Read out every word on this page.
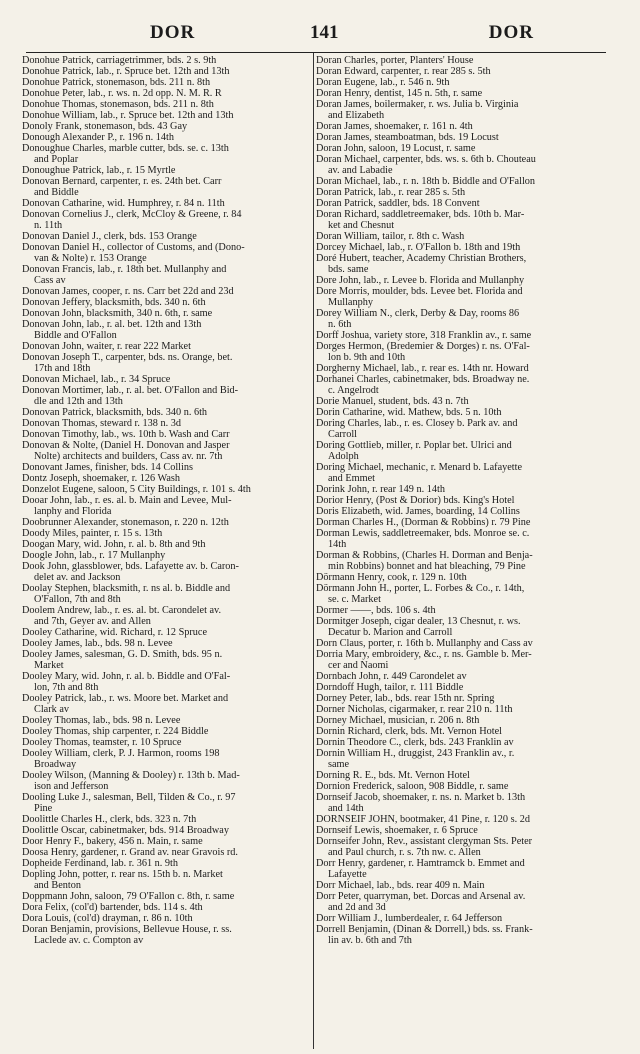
DOR	141	DOR
Donohue Patrick, carriagetrimmer, bds. 2 s. 9th
Donohue Patrick, lab., r. Spruce bet. 12th and 13th
Donohue Patrick, stonemason, bds. 211 n. 8th
Donohue Peter, lab., r. ws. n. 2d opp. N. M. R. R
Donohue Thomas, stonemason, bds. 211 n. 8th
Donohue William, lab., r. Spruce bet. 12th and 13th
Donoly Frank, stonemason, bds. 43 Gay
Donough Alexander P., r. 196 n. 14th
Donoughue Charles, marble cutter, bds. se. c. 13th
and Poplar
Donoughue Patrick, lab., r. 15 Myrtle
Donovan Bernard, carpenter, r. es. 24th bet. Carr
and Biddle
Donovan Catharine, wid. Humphrey, r. 84 n. 11th
Donovan Cornelius J., clerk, McCloy & Greene, r. 84
n. 11th
Donovan Daniel J., clerk, bds. 153 Orange
Donovan Daniel H., collector of Customs, and (Dono-
van & Nolte) r. 153 Orange
Donovan Francis, lab., r. 18th bet. Mullanphy and
Cass av
Donovan James, cooper, r. ns. Carr bet 22d and 23d
Donovan Jeffery, blacksmith, bds. 340 n. 6th
Donovan John, blacksmith, 340 n. 6th, r. same
Donovan John, lab., r. al. bet. 12th and 13th
Biddle and O'Fallon
Donovan John, waiter, r. rear 222 Market
Donovan Joseph T., carpenter, bds. ns. Orange, bet.
17th and 18th
Donovan Michael, lab., r. 34 Spruce
Donovan Mortimer, lab., r. al. bet. O'Fallon and Bid-
dle and 12th and 13th
Donovan Patrick, blacksmith, bds. 340 n. 6th
Donovan Thomas, steward r. 138 n. 3d
Donovan Timothy, lab., ws. 10th b. Wash and Carr
Donovan & Nolte, (Daniel H. Donovan and Jasper
Nolte) architects and builders, Cass av. nr. 7th
Donovant James, finisher, bds. 14 Collins
Dontz Joseph, shoemaker, r. 126 Wash
Donzelot Eugene, saloon, 5 City Buildings, r. 101 s. 4th
Dooar John, lab., r. es. al. b. Main and Levee, Mul-
lanphy and Florida
Doobrunner Alexander, stonemason, r. 220 n. 12th
Doody Miles, painter, r. 15 s. 13th
Doogan Mary, wid. John, r. al. b. 8th and 9th
Doogle John, lab., r. 17 Mullanphy
Dook John, glassblower, bds. Lafayette av. b. Caron-
delet av. and Jackson
Doolay Stephen, blacksmith, r. ns al. b. Biddle and
O'Fallon, 7th and 8th
Doolem Andrew, lab., r. es. al. bt. Carondelet av.
and 7th, Geyer av. and Allen
Dooley Catharine, wid. Richard, r. 12 Spruce
Dooley James, lab., bds. 98 n. Levee
Dooley James, salesman, G. D. Smith, bds. 95 n.
Market
Dooley Mary, wid. John, r. al. b. Biddle and O'Fal-
lon, 7th and 8th
Dooley Patrick, lab., r. ws. Moore bet. Market and
Clark av
Dooley Thomas, lab., bds. 98 n. Levee
Dooley Thomas, ship carpenter, r. 224 Biddle
Dooley Thomas, teamster, r. 10 Spruce
Dooley William, clerk, P. J. Harmon, rooms 198
Broadway
Dooley Wilson, (Manning & Dooley) r. 13th b. Mad-
ison and Jefferson
Dooling Luke J., salesman, Bell, Tilden & Co., r. 97
Pine
Doolittle Charles H., clerk, bds. 323 n. 7th
Doolittle Oscar, cabinetmaker, bds. 914 Broadway
Door Henry F., bakery, 456 n. Main, r. same
Doosa Henry, gardener, r. Grand av. near Gravois rd.
Dopheide Ferdinand, lab. r. 361 n. 9th
Dopling John, potter, r. rear ns. 15th b. n. Market
and Benton
Doppmann John, saloon, 79 O'Fallon c. 8th, r. same
Dora Felix, (col'd) bartender, bds. 114 s. 4th
Dora Louis, (col'd) drayman, r. 86 n. 10th
Doran Benjamin, provisions, Bellevue House, r. ss.
Laclede av. c. Compton av
Doran Charles, porter, Planters' House
Doran Edward, carpenter, r. rear 285 s. 5th
Doran Eugene, lab., r. 546 n. 9th
Doran Henry, dentist, 145 n. 5th, r. same
Doran James, boilermaker, r. ws. Julia b. Virginia
and Elizabeth
Doran James, shoemaker, r. 161 n. 4th
Doran James, steamboatman, bds. 19 Locust
Doran John, saloon, 19 Locust, r. same
Doran Michael, carpenter, bds. ws. s. 6th b. Chouteau
av. and Labadie
Doran Michael, lab., r. n. 18th b. Biddle and O'Fallon
Doran Patrick, lab., r. rear 285 s. 5th
Doran Patrick, saddler, bds. 18 Convent
Doran Richard, saddletreemaker, bds. 10th b. Mar-
ket and Chesnut
Doran William, tailor, r. 8th c. Wash
Dorcey Michael, lab., r. O'Fallon b. 18th and 19th
Doré Hubert, teacher, Academy Christian Brothers,
bds. same
Dore John, lab., r. Levee b. Florida and Mullanphy
Dore Morris, moulder, bds. Levee bet. Florida and
Mullanphy
Dorey William N., clerk, Derby & Day, rooms 86
n. 6th
Dorff Joshua, variety store, 318 Franklin av., r. same
Dorges Hermon, (Bredemier & Dorges) r. ns. O'Fal-
lon b. 9th and 10th
Dorgherny Michael, lab., r. rear es. 14th nr. Howard
Dorhanei Charles, cabinetmaker, bds. Broadway ne.
c. Angelrodt
Dorie Manuel, student, bds. 43 n. 7th
Dorin Catharine, wid. Mathew, bds. 5 n. 10th
Doring Charles, lab., r. es. Closey b. Park av. and
Carroll
Doring Gottlieb, miller, r. Poplar bet. Ulrici and
Adolph
Doring Michael, mechanic, r. Menard b. Lafayette
and Emmet
Dorink John, r. rear 149 n. 14th
Dorior Henry, (Post & Dorior) bds. King's Hotel
Doris Elizabeth, wid. James, boarding, 14 Collins
Dorman Charles H., (Dorman & Robbins) r. 79 Pine
Dorman Lewis, saddletreemaker, bds. Monroe se. c.
14th
Dorman & Robbins, (Charles H. Dorman and Benja-
min Robbins) bonnet and hat bleaching, 79 Pine
Dörmann Henry, cook, r. 129 n. 10th
Dörmann John H., porter, L. Forbes & Co., r. 14th,
se. c. Market
Dormer ——, bds. 106 s. 4th
Dormitger Joseph, cigar dealer, 13 Chesnut, r. ws.
Decatur b. Marion and Carroll
Dorn Claus, porter, r. 16th b. Mullanphy and Cass av
Dorria Mary, embroidery, &c., r. ns. Gamble b. Mer-
cer and Naomi
Dornbach John, r. 449 Carondelet av
Dorndoff Hugh, tailor, r. 111 Biddle
Dorney Peter, lab., bds. rear 15th nr. Spring
Dorner Nicholas, cigarmaker, r. rear 210 n. 11th
Dorney Michael, musician, r. 206 n. 8th
Dornin Richard, clerk, bds. Mt. Vernon Hotel
Dornin Theodore C., clerk, bds. 243 Franklin av
Dornin William H., druggist, 243 Franklin av., r.
same
Dorning R. E., bds. Mt. Vernon Hotel
Dornion Frederick, saloon, 908 Biddle, r. same
Dornseif Jacob, shoemaker, r. ns. n. Market b. 13th
and 14th
DORNSEIF JOHN, bootmaker, 41 Pine, r. 120 s. 2d
Dornseif Lewis, shoemaker, r. 6 Spruce
Dornseifer John, Rev., assistant clergyman Sts. Peter
and Paul church, r. s. 7th nw. c. Allen
Dorr Henry, gardener, r. Hamtramck b. Emmet and
Lafayette
Dorr Michael, lab., bds. rear 409 n. Main
Dorr Peter, quarryman, bet. Dorcas and Arsenal av.
and 2d and 3d
Dorr William J., lumberdealer, r. 64 Jefferson
Dorrell Benjamin, (Dinan & Dorrell,) bds. ss. Frank-
lin av. b. 6th and 7th
